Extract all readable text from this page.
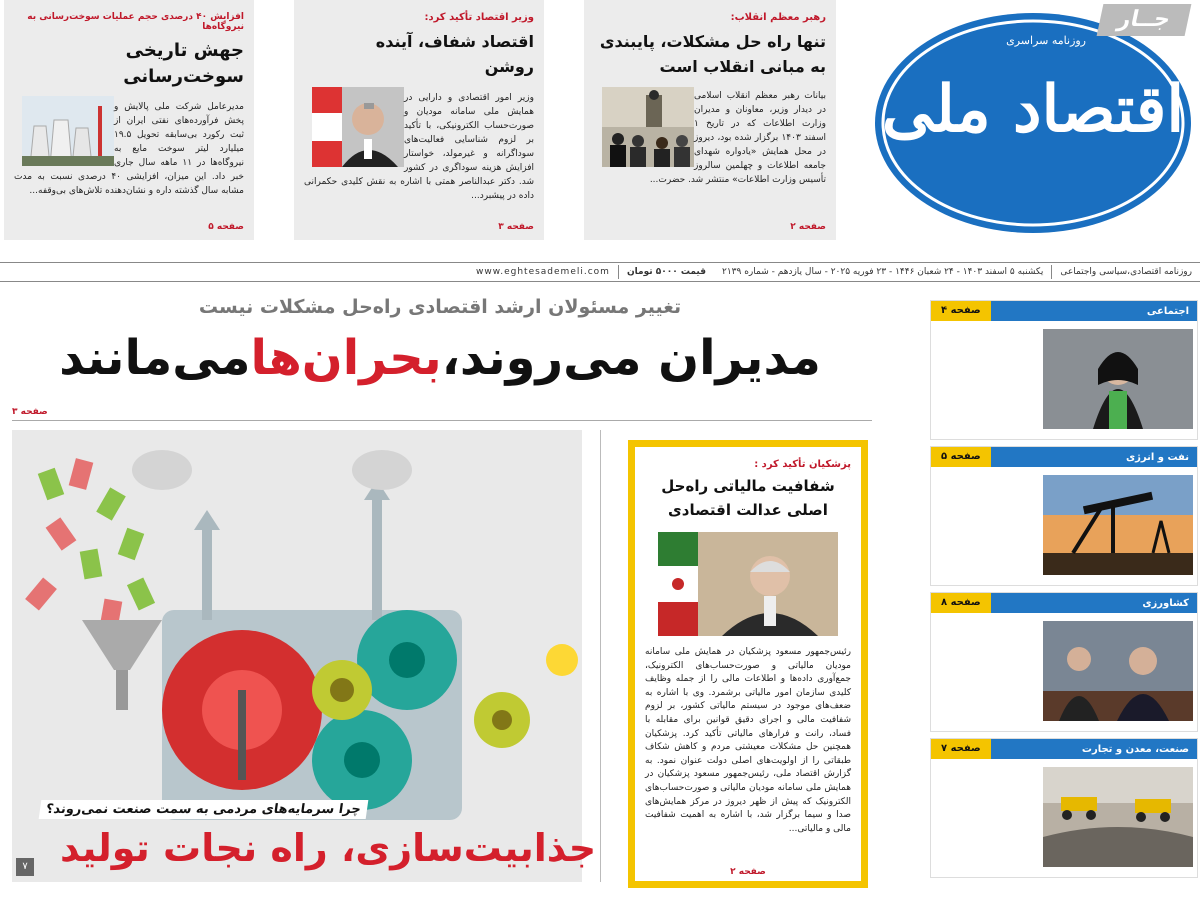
رهبر معظم انقلاب:
تنها راه حل مشکلات، پایبندی به مبانی انقلاب است
بیانات رهبر معظم انقلاب اسلامی در دیدار وزیر، معاونان و مدیران وزارت اطلاعات که در تاریخ ۱ اسفند ۱۴۰۳ برگزار شده بود، دیروز در محل همایش «یادواره شهدای جامعه اطلاعات و چهلمین سالروز تأسیس وزارت اطلاعات» منتشر شد. حضرت...
صفحه ۲
وزیر اقتصاد تأکید کرد:
اقتصاد شفاف، آینده روشن
وزیر امور اقتصادی و دارایی در همایش ملی سامانه مودیان و صورت‌حساب الکترونیکی، با تأکید بر لزوم شناسایی فعالیت‌های سوداگرانه و غیرمولد، خواستار افزایش هزینه سوداگری در کشور شد. دکتر عبدالناصر همتی با اشاره به نقش کلیدی حکمرانی داده در پیشبرد...
صفحه ۳
افزایش ۴۰ درصدی حجم عملیات سوخت‌رسانی به نیروگاه‌ها
جهش تاریخی سوخت‌رسانی
مدیرعامل شرکت ملی پالایش و پخش فرآورده‌های نفتی ایران از ثبت رکورد بی‌سابقه تحویل ۱۹.۵ میلیارد لیتر سوخت مایع به نیروگاه‌ها در ۱۱ ماهه سال جاری خبر داد. این میزان، افزایشی ۴۰ درصدی نسبت به مدت مشابه سال گذشته داره و نشان‌دهنده تلاش‌های بی‌وقفه...
صفحه ۵
روزنامه سراسری
اقتصاد ملی
جــار
روزنامه اقتصادی،سیاسی واجتماعی
یکشنبه ۵ اسفند ۱۴۰۳ - ۲۴ شعبان ۱۴۴۶ - ۲۳ فوریه ۲۰۲۵ - سال یازدهم - شماره ۲۱۳۹
قیمت ۵۰۰۰ تومان
www.eghtesademeli.com
تغییر مسئولان ارشد اقتصادی راه‌حل مشکلات نیست
مدیران می‌روند،بحران‌هامی‌مانند
صفحه ۳
چرا سرمایه‌های مردمی به سمت صنعت نمی‌روند؟
جذابیت‌سازی، راه نجات تولید
۷
پزشکیان تأکید کرد :
شفافیت مالیاتی راه‌حل اصلی عدالت اقتصادی
رئیس‌جمهور مسعود پزشکیان در همایش ملی سامانه مودیان مالیاتی و صورت‌حساب‌های الکترونیک، جمع‌آوری داده‌ها و اطلاعات مالی را از جمله وظایف کلیدی سازمان امور مالیاتی برشمرد. وی با اشاره به ضعف‌های موجود در سیستم مالیاتی کشور، بر لزوم شفافیت مالی و اجرای دقیق قوانین برای مقابله با فساد، رانت و فرارهای مالیاتی تأکید کرد. پزشکیان همچنین حل مشکلات معیشتی مردم و کاهش شکاف طبقاتی را از اولویت‌های اصلی دولت عنوان نمود. به گزارش اقتصاد ملی، رئیس‌جمهور مسعود پزشکیان در همایش ملی سامانه مودیان مالیاتی و صورت‌حساب‌های الکترونیک که پیش از ظهر دیروز در مرکز همایش‌های صدا و سیما برگزار شد، با اشاره به اهمیت شفافیت مالی و مالیاتی...
صفحه ۲
اجتماعی
صفحه ۴
نفت و انرژی
صفحه ۵
کشاورزی
صفحه ۸
صنعت، معدن و تجارت
صفحه ۷
